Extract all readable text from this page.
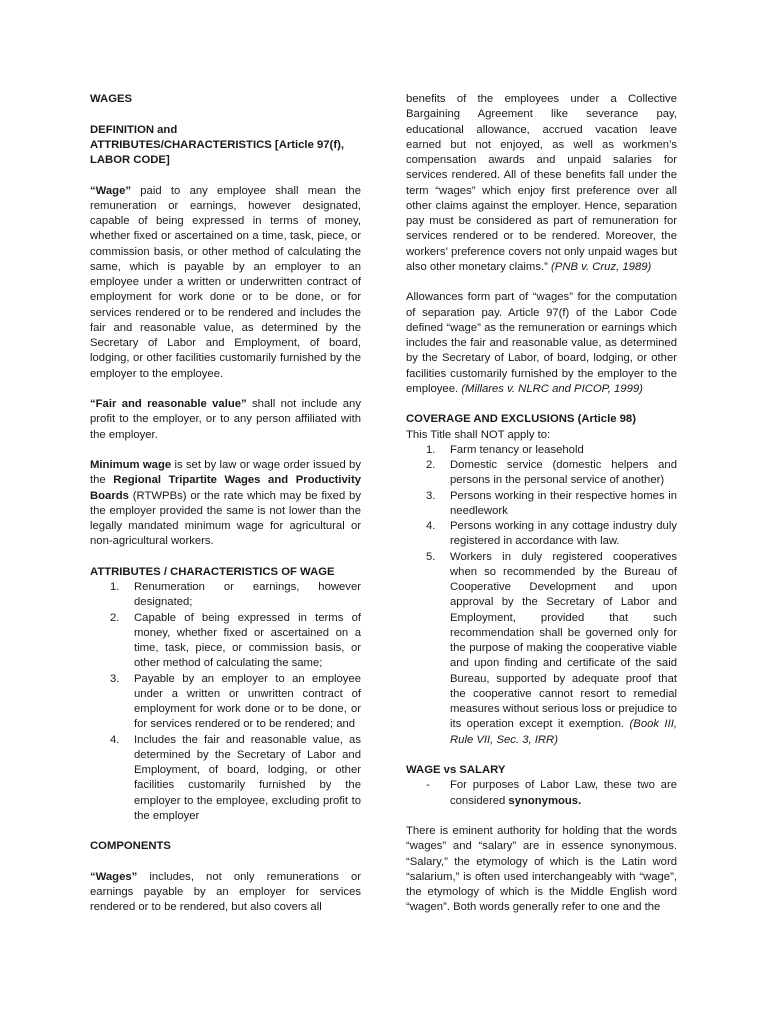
WAGES

DEFINITION and ATTRIBUTES/CHARACTERISTICS [Article 97(f), LABOR CODE]

“Wage” paid to any employee shall mean the remuneration or earnings, however designated, capable of being expressed in terms of money, whether fixed or ascertained on a time, task, piece, or commission basis, or other method of calculating the same, which is payable by an employer to an employee under a written or underwritten contract of employment for work done or to be done, or for services rendered or to be rendered and includes the fair and reasonable value, as determined by the Secretary of Labor and Employment, of board, lodging, or other facilities customarily furnished by the employer to the employee.

“Fair and reasonable value” shall not include any profit to the employer, or to any person affiliated with the employer.

Minimum wage is set by law or wage order issued by the Regional Tripartite Wages and Productivity Boards (RTWPBs) or the rate which may be fixed by the employer provided the same is not lower than the legally mandated minimum wage for agricultural or non-agricultural workers.

ATTRIBUTES / CHARACTERISTICS OF WAGE

1. Renumeration or earnings, however designated;
2. Capable of being expressed in terms of money, whether fixed or ascertained on a time, task, piece, or commission basis, or other method of calculating the same;
3. Payable by an employer to an employee under a written or unwritten contract of employment for work done or to be done, or for services rendered or to be rendered; and
4. Includes the fair and reasonable value, as determined by the Secretary of Labor and Employment, of board, lodging, or other facilities customarily furnished by the employer to the employee, excluding profit to the employer

COMPONENTS

“Wages” includes, not only remunerations or earnings payable by an employer for services rendered or to be rendered, but also covers all

benefits of the employees under a Collective Bargaining Agreement like severance pay, educational allowance, accrued vacation leave earned but not enjoyed, as well as workmen’s compensation awards and unpaid salaries for services rendered. All of these benefits fall under the term “wages” which enjoy first preference over all other claims against the employer. Hence, separation pay must be considered as part of remuneration for services rendered or to be rendered. Moreover, the workers’ preference covers not only unpaid wages but also other monetary claims.” (PNB v. Cruz, 1989)

Allowances form part of “wages” for the computation of separation pay. Article 97(f) of the Labor Code defined “wage” as the remuneration or earnings which includes the fair and reasonable value, as determined by the Secretary of Labor, of board, lodging, or other facilities customarily furnished by the employer to the employee. (Millares v. NLRC and PICOP, 1999)

COVERAGE AND EXCLUSIONS (Article 98)

This Title shall NOT apply to:

1. Farm tenancy or leasehold
2. Domestic service (domestic helpers and persons in the personal service of another)
3. Persons working in their respective homes in needlework
4. Persons working in any cottage industry duly registered in accordance with law.
5. Workers in duly registered cooperatives when so recommended by the Bureau of Cooperative Development and upon approval by the Secretary of Labor and Employment, provided that such recommendation shall be governed only for the purpose of making the cooperative viable and upon finding and certificate of the said Bureau, supported by adequate proof that the cooperative cannot resort to remedial measures without serious loss or prejudice to its operation except it exemption. (Book III, Rule VII, Sec. 3, IRR)

WAGE vs SALARY

- For purposes of Labor Law, these two are considered synonymous.

There is eminent authority for holding that the words “wages” and “salary” are in essence synonymous. “Salary,” the etymology of which is the Latin word “salarium,” is often used interchangeably with “wage”, the etymology of which is the Middle English word “wagen”. Both words generally refer to one and the
